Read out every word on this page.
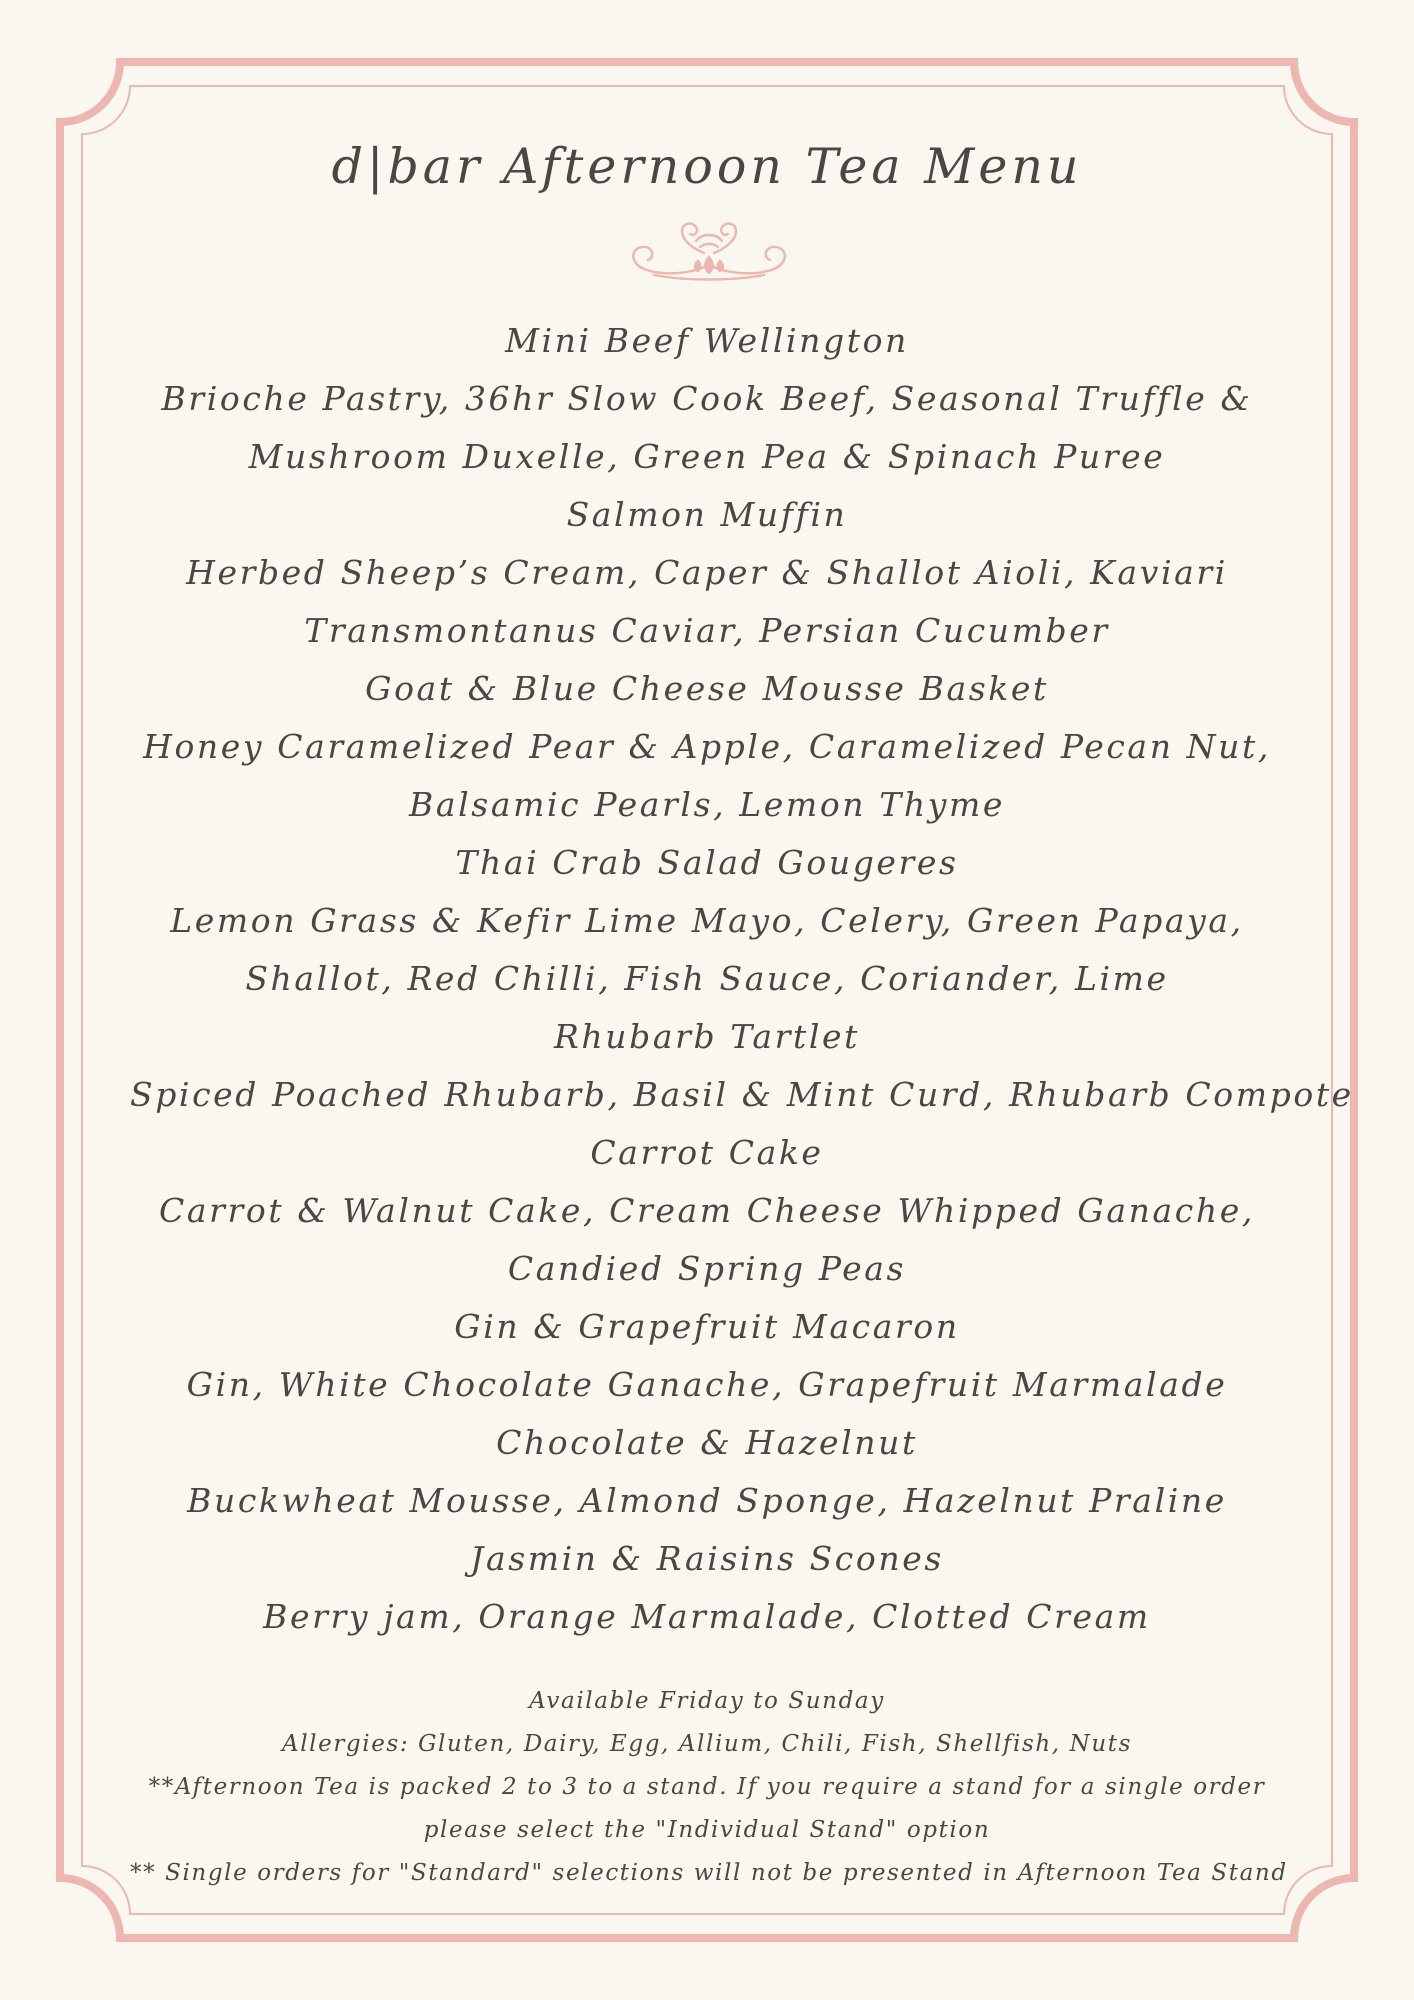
d|bar Afternoon Tea Menu
Mini Beef Wellington
Brioche Pastry, 36hr Slow Cook Beef, Seasonal Truffle &
Mushroom Duxelle, Green Pea & Spinach Puree
Salmon Muffin
Herbed Sheep’s Cream, Caper & Shallot Aioli, Kaviari
Transmontanus Caviar, Persian Cucumber
Goat & Blue Cheese Mousse Basket
Honey Caramelized Pear & Apple, Caramelized Pecan Nut,
Balsamic Pearls, Lemon Thyme
Thai Crab Salad Gougeres
Lemon Grass & Kefir Lime Mayo, Celery, Green Papaya,
Shallot, Red Chilli, Fish Sauce, Coriander, Lime
Rhubarb Tartlet
Spiced Poached Rhubarb, Basil & Mint Curd, Rhubarb Compote
Carrot Cake
Carrot & Walnut Cake, Cream Cheese Whipped Ganache,
Candied Spring Peas
Gin & Grapefruit Macaron
Gin, White Chocolate Ganache, Grapefruit Marmalade
Chocolate & Hazelnut
Buckwheat Mousse, Almond Sponge, Hazelnut Praline
Jasmin & Raisins Scones
Berry jam, Orange Marmalade, Clotted Cream
Available Friday to Sunday
Allergies: Gluten, Dairy, Egg, Allium, Chili, Fish, Shellfish, Nuts
**Afternoon Tea is packed 2 to 3 to a stand. If you require a stand for a single order
please select the "Individual Stand" option
** Single orders for "Standard" selections will not be presented in Afternoon Tea Stand
